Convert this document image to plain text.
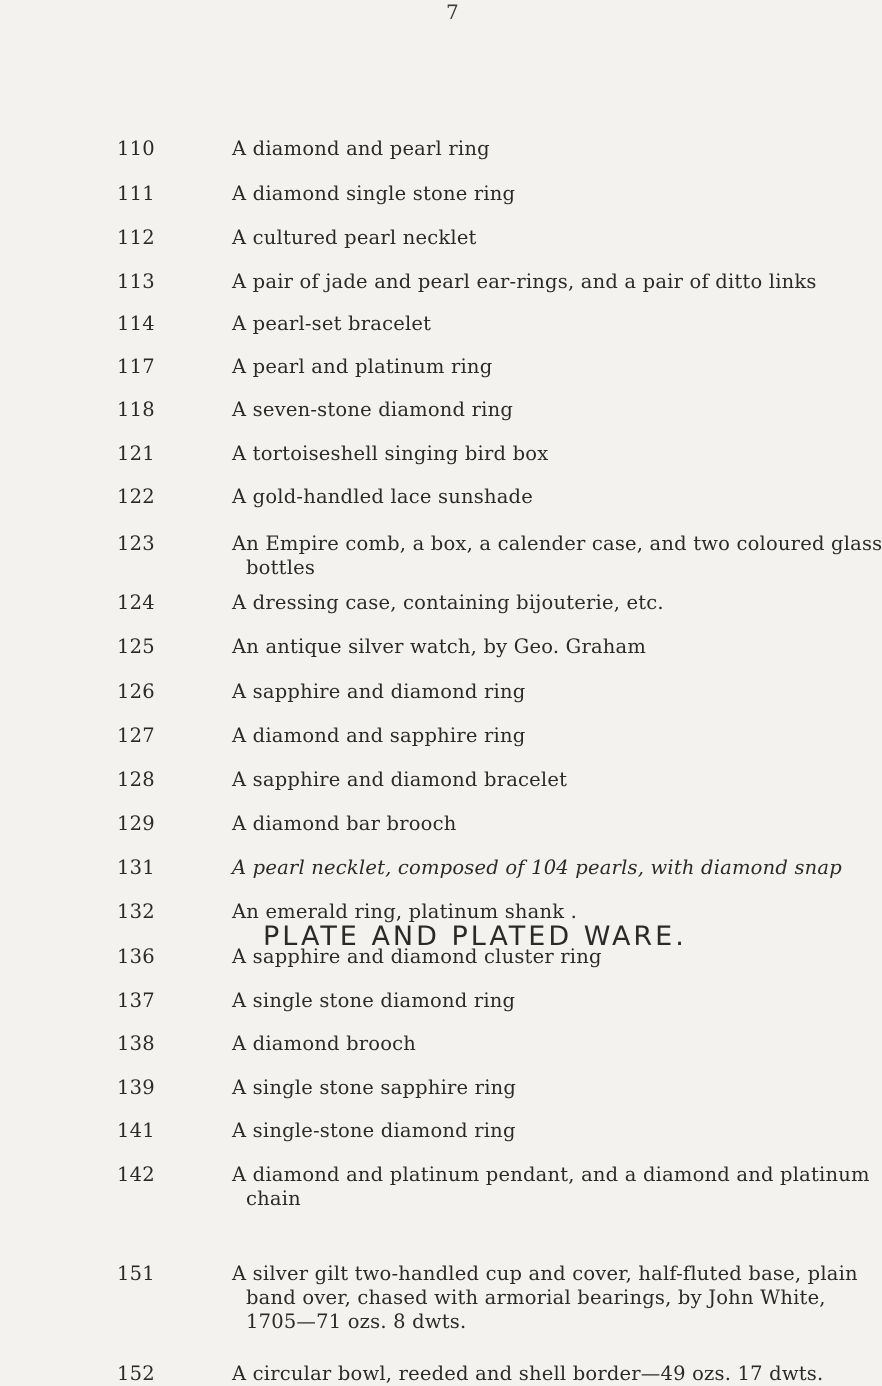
7
110	A diamond and pearl ring
111	A diamond single stone ring
112	A cultured pearl necklet
113	A pair of jade and pearl ear-rings, and a pair of ditto links
114	A pearl-set bracelet
117	A pearl and platinum ring
118	A seven-stone diamond ring
121	A tortoiseshell singing bird box
122	A gold-handled lace sunshade
123	An Empire comb, a box, a calender case, and two coloured glass
bottles
124	A dressing case, containing bijouterie, etc.
125	An antique silver watch, by Geo. Graham
126	A sapphire and diamond ring
127	A diamond and sapphire ring
128	A sapphire and diamond bracelet
129	A diamond bar brooch
131	A pearl necklet, composed of 104 pearls, with diamond snap
132	An emerald ring, platinum shank .
136	A sapphire and diamond cluster ring
137	A single stone diamond ring
138	A diamond brooch
139	A single stone sapphire ring
141	A single-stone diamond ring
142	A diamond and platinum pendant, and a diamond and platinum
chain
PLATE AND PLATED WARE.
151	A silver gilt two-handled cup and cover, half-fluted base, plain
band over, chased with armorial bearings, by John White,
1705—71 ozs. 8 dwts.
152	A circular bowl, reeded and shell border—49 ozs. 17 dwts.
